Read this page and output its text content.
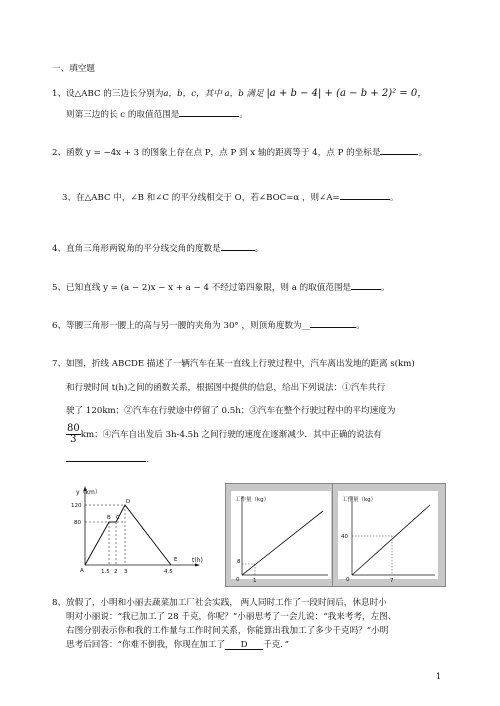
一、填空题
1、设△ABC 的三边长分别为a，b，c，其中 a，b 满足 |a + b − 4| + (a − b + 2)² = 0，
则第三边的长 c 的取值范围是	。
2、函数 y = −4x + 3 的图象上存在点 P，点 P 到 x 轴的距离等于 4，点 P 的坐标是	。
3、在△ABC 中，∠B 和∠C 的平分线相交于 O，若∠BOC=α ，则∠A=	。
4、直角三角形两锐角的平分线交角的度数是	。
5、已知直线 y = (a − 2)x − x + a − 4 不经过第四象限，则 a 的取值范围是	。
6、等腰三角形一腰上的高与另一腰的夹角为 30° ，则顶角度数为__	。
7、如图，折线 ABCDE 描述了一辆汽车在某一直线上行驶过程中，汽车离出发地的距离 s(km)
和行驶时间 t(h)之间的函数关系，根据图中提供的信息，给出下列说法：①汽车共行
驶了 120km；②汽车在行驶途中停留了 0.5h；③汽车在整个行驶过程中的平均速度为
$\frac{80}{3}$ km；④汽车自出发后 3h-4.5h 之间行驶的速度在逐渐减少．其中正确的说法有
.
y（km）
t(h)
120
80
1.5 2 3	4.5
A
B C
D
E
工作量（kg）
8
0 1
工作量（kg）
40
0	7
8、放假了，小明和小丽去蔬菜加工厂社会实践， 两人同时工作了一段时间后，休息时小
明对小丽说：“我已加工了 28 千克，你呢？”小丽思考了一会儿说：“我来考考，左图、
右图分别表示你和我的工作量与工作时间关系，你能算出我加工了多少千克吗？”小明
思考后回答：“你难不倒我，你现在加工了 D 千克．”
1
